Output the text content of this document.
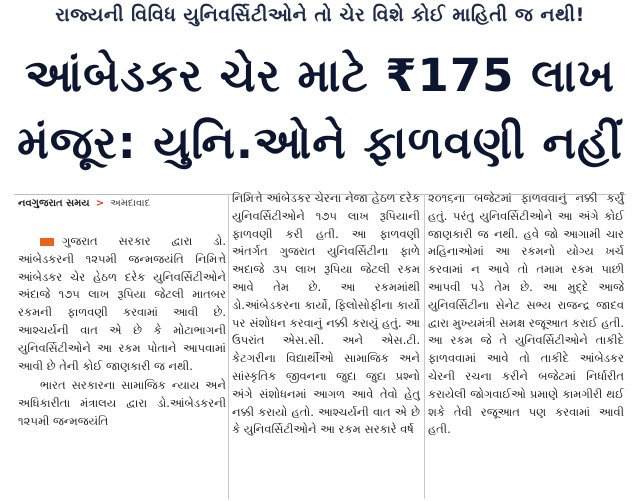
રાજ્યની વિવિધ યુનિવર્સિટીઓને તો ચેર વિશે કોઈ માહિતી જ નથી!
આંબેડકર ચેર માટે ₹175 લાખ
મંજૂર: યુનિ.ઓને ફાળવણી નહીં
નવગુજરાત સમય > અમદાવાદ

ગુજરાત સરકાર દ્વારા ડો. આંબેડકરની ૧૨૫મી જન્મજયંતિ નિમિત્તે આંબેડકર ચેર હેઠળ દરેક યુનિવર્સિટીઓને અંદાજે ૧૭૫ લાખ રૂપિયા જેટલી માતબર રકમની ફાળવણી કરવામાં આવી છે. આશ્ચર્યની વાત એ છે કે મોટાભાગની યુનિવર્સિટીઓને આ રકમ પોતાને આપવામાં આવી છે તેની કોઈ જાણકારી જ નથી.

ભારત સરકારના સામાજિક ન્યાય અને અધિકારીતા મંત્રાલય દ્વારા ડો.આંબેડકરની ૧૨૫મી જન્મજયંતિ

નિમિત્તે આંબેડકર ચેરના નેજા હેઠળ દરેક યુનિવર્સિટીઓને ૧૭૫ લાખ રૂપિયાની ફાળવણી કરી હતી. આ ફાળવણી અંતર્ગત ગુજરાત યુનિવર્સિટીના ફાળે અદાજે ૩૫ લાખ રૂપિયા જેટલી રકમ આવે તેમ છે. આ રકમમાંથી ડો.આંબેડકરના કાર્યો, ફિલોસોફીના કાર્યો પર સંશોધન કરવાનું નક્કી કરાયું હતું. આ ઉપરાંત એસ.સી. અને એસ.ટી. કેટગરીના વિદ્યાર્થીઓ સામાજિક અને સાંસ્કૃતિક જીવનના જુદા જુદા પ્રશ્નો અંગે સંશોધનમાં આગળ આવે તેવો હેતુ નક્કી કરાયો હતો. આશ્ચર્યની વાત એ છે કે યુનિવર્સિટીઓને આ રકમ સરકારે વર્ષ

૨૦૧૬ના બજેટમાં ફાળવવાનું નક્કી કર્યું હતું. પરંતુ યુનિવર્સિટીઓને આ અંગે કોઈ જાણકારી જ નથી. હવે જો આગામી ચાર મહિનાઓમાં આ રકમનો યોગ્ય ખર્ચ કરવામાં ન આવે તો તમામ રકમ પાછી આપવી પડે તેમ છે. આ મુદ્દે આજે યુનિવર્સિટીના સેનેટ સભ્ય રાજન્દ્ર જાદવ દ્વારા મુખ્યમંત્રી સમક્ષ રજૂઆત કરાઈ હતી. આ રકમ જે તે યુનિવર્સિટીઓને તાકીદે ફાળવવામાં આવે તો તાકીદે આંબેડકર ચેરની રચના કરીને બજેટમાં નિર્ધારીત કરાયેલી જોગવાઈઓ પ્રમાણે કામગીરી થઈ શકે તેવી રજૂઆત પણ કરવામાં આવી હતી.
